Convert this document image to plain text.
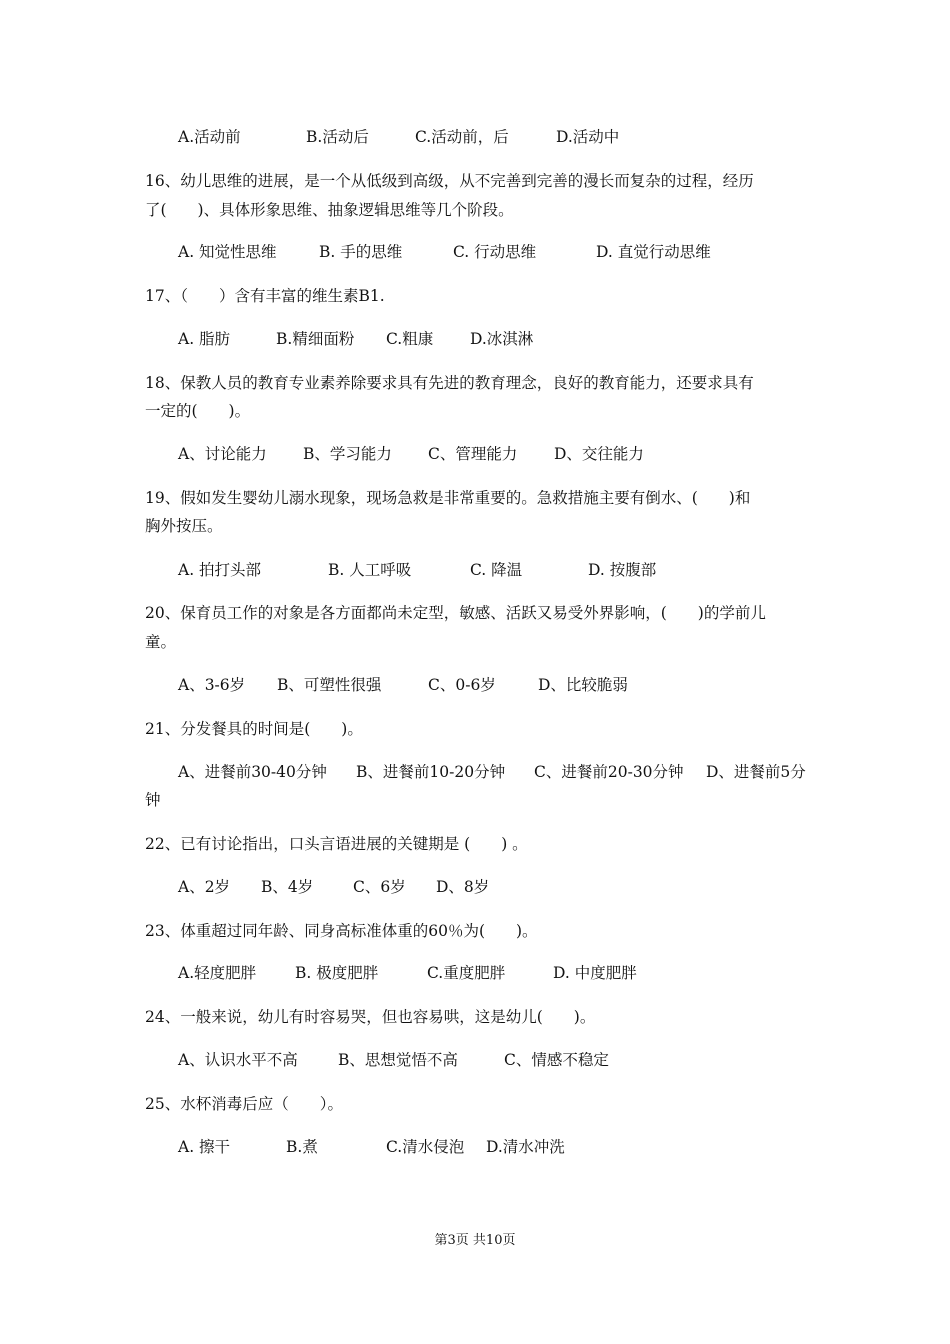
A.活动前	B.活动后	C.活动前，后	D.活动中
16、幼儿思维的进展，是一个从低级到高级，从不完善到完善的漫长而复杂的过程，经历
了(　　)、具体形象思维、抽象逻辑思维等几个阶段。
A. 知觉性思维	B. 手的思维	C. 行动思维	D. 直觉行动思维
17、（　　）含有丰富的维生素B1.
A. 脂肪	B.精细面粉 C.粗康 D.冰淇淋
18、保教人员的教育专业素养除要求具有先进的教育理念，良好的教育能力，还要求具有
一定的(　　)。
A、讨论能力 B、学习能力 C、管理能力 D、交往能力
19、假如发生婴幼儿溺水现象，现场急救是非常重要的。急救措施主要有倒水、(　　)和
胸外按压。
A. 拍打头部	B. 人工呼吸	C. 降温	D. 按腹部
20、保育员工作的对象是各方面都尚未定型，敏感、活跃又易受外界影响，(　　)的学前儿
童。
A、3-6岁 B、可塑性很强	C、0-6岁	D、比较脆弱
21、分发餐具的时间是(　　)。
A、进餐前30-40分钟 B、进餐前10-20分钟 C、进餐前20-30分钟 D、进餐前5分
钟
22、已有讨论指出，口头言语进展的关键期是 (　　) 。
A、2岁 B、4岁	C、6岁 D、8岁
23、体重超过同年龄、同身高标准体重的60％为(　　)。
A.轻度肥胖	B. 极度肥胖	C.重度肥胖	D. 中度肥胖
24、一般来说，幼儿有时容易哭，但也容易哄，这是幼儿(　　)。
A、认识水平不高	B、思想觉悟不高	C、情感不稳定
25、水杯消毒后应（　　）。
A. 擦干	B.煮	C.清水侵泡 D.清水冲洗
第3页 共10页
